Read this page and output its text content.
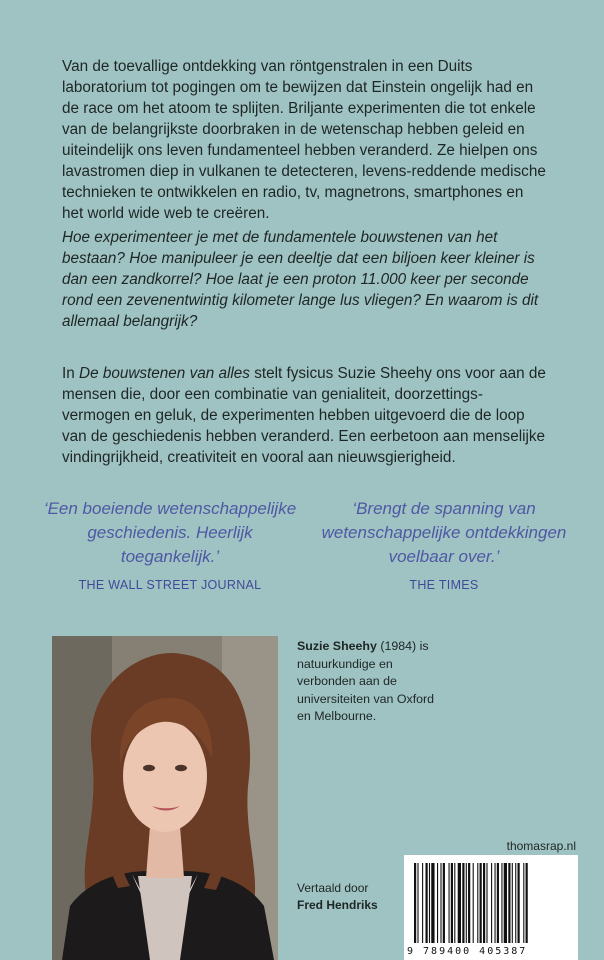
Van de toevallige ontdekking van röntgenstralen in een Duits laboratorium tot pogingen om te bewijzen dat Einstein ongelijk had en de race om het atoom te splijten. Briljante experimenten die tot enkele van de belangrijkste doorbraken in de wetenschap hebben geleid en uiteindelijk ons leven fundamenteel hebben veranderd. Ze hielpen ons lavastromen diep in vulkanen te detecteren, levens-reddende medische technieken te ontwikkelen en radio, tv, magnetrons, smartphones en het world wide web te creëren.

Hoe experimenteer je met de fundamentele bouwstenen van het bestaan? Hoe manipuleer je een deeltje dat een biljoen keer kleiner is dan een zandkorrel? Hoe laat je een proton 11.000 keer per seconde rond een zevenentwintig kilometer lange lus vliegen? En waarom is dit allemaal belangrijk?

In De bouwstenen van alles stelt fysicus Suzie Sheehy ons voor aan de mensen die, door een combinatie van genialiteit, doorzettings-vermogen en geluk, de experimenten hebben uitgevoerd die de loop van de geschiedenis hebben veranderd. Een eerbetoon aan menselijke vindingrijkheid, creativiteit en vooral aan nieuwsgierigheid.

‘Een boeiende wetenschappelijke geschiedenis. Heerlijk toegankelijk.’
THE WALL STREET JOURNAL
‘Brengt de spanning van wetenschappelijke ontdekkingen voelbaar over.’
THE TIMES
Suzie Sheehy (1984) is natuurkundige en verbonden aan de universiteiten van Oxford en Melbourne.
thomasrap.nl
Vertaald door
Fred Hendriks
9 789400 405387
